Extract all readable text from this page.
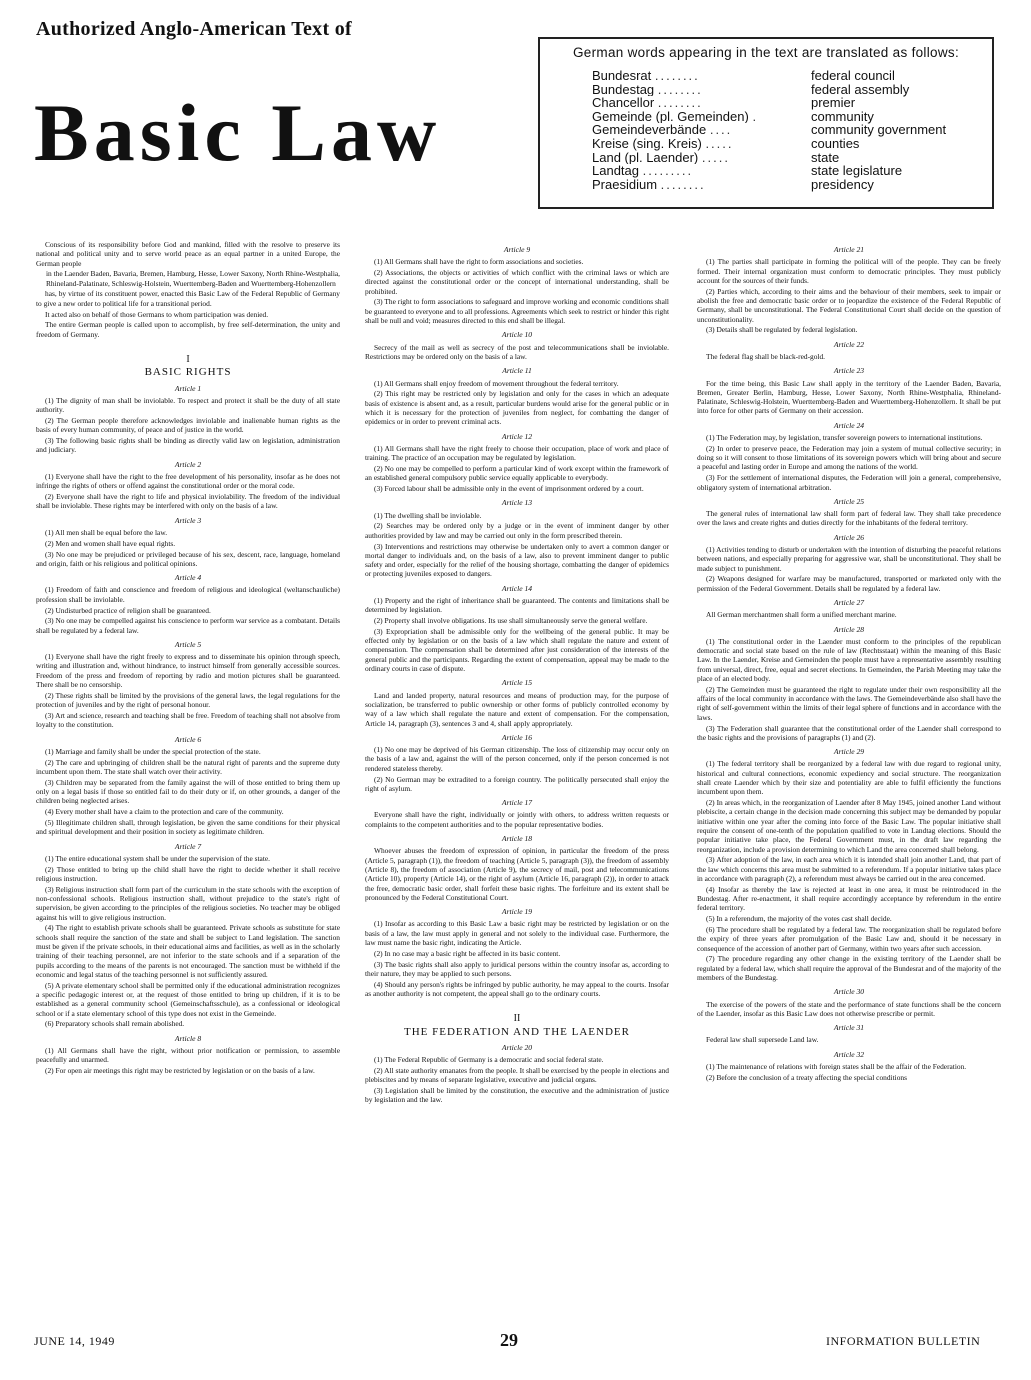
Authorized Anglo-American Text of
Basic Law
German words appearing in the text are translated as follows:
Bundesrat ........	federal council
Bundestag ........	federal assembly
Chancellor ........	premier
Gemeinde (pl. Gemeinden) .	community
Gemeindeverbände ....	community government
Kreise (sing. Kreis) .....	counties
Land (pl. Laender) .....	state
Landtag .........	state legislature
Praesidium ........	presidency

Conscious of its responsibility before God and mankind, filled with the resolve to preserve its national and political unity and to serve world peace as an equal partner in a united Europe, the German people

in the Laender Baden, Bavaria, Bremen, Hamburg, Hesse, Lower Saxony, North Rhine-Westphalia, Rhineland-Palatinate, Schleswig-Holstein, Wuerttemberg-Baden and Wuerttemberg-Hohenzollern

has, by virtue of its constituent power, enacted this Basic Law of the Federal Republic of Germany to give a new order to political life for a transitional period.

It acted also on behalf of those Germans to whom participation was denied.

The entire German people is called upon to accomplish, by free self-determination, the unity and freedom of Germany.

I
BASIC RIGHTS
Article 1

(1) The dignity of man shall be inviolable. To respect and protect it shall be the duty of all state authority.

(2) The German people therefore acknowledges inviolable and inalienable human rights as the basis of every human community, of peace and of justice in the world.

(3) The following basic rights shall be binding as directly valid law on legislation, administration and judiciary.

Article 2

(1) Everyone shall have the right to the free development of his personality, insofar as he does not infringe the rights of others or offend against the constitutional order or the moral code.

(2) Everyone shall have the right to life and physical inviolability. The freedom of the individual shall be inviolable. These rights may be interfered with only on the basis of a law.

Article 3

(1) All men shall be equal before the law.

(2) Men and women shall have equal rights.

(3) No one may be prejudiced or privileged because of his sex, descent, race, language, homeland and origin, faith or his religious and political opinions.

Article 4

(1) Freedom of faith and conscience and freedom of religious and ideological (weltanschauliche) profession shall be inviolable.

(2) Undisturbed practice of religion shall be guaranteed.

(3) No one may be compelled against his conscience to perform war service as a combatant. Details shall be regulated by a federal law.

Article 5

(1) Everyone shall have the right freely to express and to disseminate his opinion through speech, writing and illustration and, without hindrance, to instruct himself from generally accessible sources. Freedom of the press and freedom of reporting by radio and motion pictures shall be guaranteed. There shall be no censorship.

(2) These rights shall be limited by the provisions of the general laws, the legal regulations for the protection of juveniles and by the right of personal honour.

(3) Art and science, research and teaching shall be free. Freedom of teaching shall not absolve from loyalty to the constitution.

Article 6

(1) Marriage and family shall be under the special protection of the state.

(2) The care and upbringing of children shall be the natural right of parents and the supreme duty incumbent upon them. The state shall watch over their activity.

(3) Children may be separated from the family against the will of those entitled to bring them up only on a legal basis if those so entitled fail to do their duty or if, on other grounds, a danger of the children being neglected arises.

(4) Every mother shall have a claim to the protection and care of the community.

(5) Illegitimate children shall, through legislation, be given the same conditions for their physical and spiritual development and their position in society as legitimate children.

Article 7

(1) The entire educational system shall be under the supervision of the state.

(2) Those entitled to bring up the child shall have the right to decide whether it shall receive religious instruction.

(3) Religious instruction shall form part of the curriculum in the state schools with the exception of non-confessional schools. Religious instruction shall, without prejudice to the state's right of supervision, be given according to the principles of the religious societies. No teacher may be obliged against his will to give religious instruction.

(4) The right to establish private schools shall be guaranteed. Private schools as substitute for state schools shall require the sanction of the state and shall be subject to Land legislation. The sanction must be given if the private schools, in their educational aims and facilities, as well as in the scholarly training of their teaching personnel, are not inferior to the state schools and if a separation of the pupils according to the means of the parents is not encouraged. The sanction must be withheld if the economic and legal status of the teaching personnel is not sufficiently assured.

(5) A private elementary school shall be permitted only if the educational administration recognizes a specific pedagogic interest or, at the request of those entitled to bring up children, if it is to be established as a general community school (Gemeinschaftsschule), as a confessional or ideological school or if a state elementary school of this type does not exist in the Gemeinde.

(6) Preparatory schools shall remain abolished.

Article 8

(1) All Germans shall have the right, without prior notification or permission, to assemble peacefully and unarmed.

(2) For open air meetings this right may be restricted by legislation or on the basis of a law.

Article 9

(1) All Germans shall have the right to form associations and societies.

(2) Associations, the objects or activities of which conflict with the criminal laws or which are directed against the constitutional order or the concept of international understanding, shall be prohibited.

(3) The right to form associations to safeguard and improve working and economic conditions shall be guaranteed to everyone and to all professions. Agreements which seek to restrict or hinder this right shall be null and void; measures directed to this end shall be illegal.

Article 10

Secrecy of the mail as well as secrecy of the post and telecommunications shall be inviolable. Restrictions may be ordered only on the basis of a law.

Article 11

(1) All Germans shall enjoy freedom of movement throughout the federal territory.

(2) This right may be restricted only by legislation and only for the cases in which an adequate basis of existence is absent and, as a result, particular burdens would arise for the general public or in which it is necessary for the protection of juveniles from neglect, for combatting the danger of epidemics or in order to prevent criminal acts.

Article 12

(1) All Germans shall have the right freely to choose their occupation, place of work and place of training. The practice of an occupation may be regulated by legislation.

(2) No one may be compelled to perform a particular kind of work except within the framework of an established general compulsory public service equally applicable to everybody.

(3) Forced labour shall be admissible only in the event of imprisonment ordered by a court.

Article 13

(1) The dwelling shall be inviolable.

(2) Searches may be ordered only by a judge or in the event of imminent danger by other authorities provided by law and may be carried out only in the form prescribed therein.

(3) Interventions and restrictions may otherwise be undertaken only to avert a common danger or mortal danger to individuals and, on the basis of a law, also to prevent imminent danger to public safety and order, especially for the relief of the housing shortage, combatting the danger of epidemics or protecting juveniles exposed to dangers.

Article 14

(1) Property and the right of inheritance shall be guaranteed. The contents and limitations shall be determined by legislation.

(2) Property shall involve obligations. Its use shall simultaneously serve the general welfare.

(3) Expropriation shall be admissible only for the wellbeing of the general public. It may be effected only by legislation or on the basis of a law which shall regulate the nature and extent of compensation. The compensation shall be determined after just consideration of the interests of the general public and the participants. Regarding the extent of compensation, appeal may be made to the ordinary courts in case of dispute.

Article 15

Land and landed property, natural resources and means of production may, for the purpose of socialization, be transferred to public ownership or other forms of publicly controlled economy by way of a law which shall regulate the nature and extent of compensation. For the compensation, Article 14, paragraph (3), sentences 3 and 4, shall apply appropriately.

Article 16

(1) No one may be deprived of his German citizenship. The loss of citizenship may occur only on the basis of a law and, against the will of the person concerned, only if the person concerned is not rendered stateless thereby.

(2) No German may be extradited to a foreign country. The politically persecuted shall enjoy the right of asylum.

Article 17

Everyone shall have the right, individually or jointly with others, to address written requests or complaints to the competent authorities and to the popular representative bodies.

Article 18

Whoever abuses the freedom of expression of opinion, in particular the freedom of the press (Article 5, paragraph (1)), the freedom of teaching (Article 5, paragraph (3)), the freedom of assembly (Article 8), the freedom of association (Article 9), the secrecy of mail, post and telecommunications (Article 10), property (Article 14), or the right of asylum (Article 16, paragraph (2)), in order to attack the free, democratic basic order, shall forfeit these basic rights. The forfeiture and its extent shall be pronounced by the Federal Constitutional Court.

Article 19

(1) Insofar as according to this Basic Law a basic right may be restricted by legislation or on the basis of a law, the law must apply in general and not solely to the individual case. Furthermore, the law must name the basic right, indicating the Article.

(2) In no case may a basic right be affected in its basic content.

(3) The basic rights shall also apply to juridical persons within the country insofar as, according to their nature, they may be applied to such persons.

(4) Should any person's rights be infringed by public authority, he may appeal to the courts. Insofar as another authority is not competent, the appeal shall go to the ordinary courts.

II
THE FEDERATION AND THE LAENDER
Article 20

(1) The Federal Republic of Germany is a democratic and social federal state.

(2) All state authority emanates from the people. It shall be exercised by the people in elections and plebiscites and by means of separate legislative, executive and judicial organs.

(3) Legislation shall be limited by the constitution, the executive and the administration of justice by legislation and the law.

Article 21

(1) The parties shall participate in forming the political will of the people. They can be freely formed. Their internal organization must conform to democratic principles. They must publicly account for the sources of their funds.

(2) Parties which, according to their aims and the behaviour of their members, seek to impair or abolish the free and democratic basic order or to jeopardize the existence of the Federal Republic of Germany, shall be unconstitutional. The Federal Constitutional Court shall decide on the question of unconstitutionality.

(3) Details shall be regulated by federal legislation.

Article 22

The federal flag shall be black-red-gold.

Article 23

For the time being, this Basic Law shall apply in the territory of the Laender Baden, Bavaria, Bremen, Greater Berlin, Hamburg, Hesse, Lower Saxony, North Rhine-Westphalia, Rhineland-Palatinate, Schleswig-Holstein, Wuerttemberg-Baden and Wuerttemberg-Hohenzollern. It shall be put into force for other parts of Germany on their accession.

Article 24

(1) The Federation may, by legislation, transfer sovereign powers to international institutions.

(2) In order to preserve peace, the Federation may join a system of mutual collective security; in doing so it will consent to those limitations of its sovereign powers which will bring about and secure a peaceful and lasting order in Europe and among the nations of the world.

(3) For the settlement of international disputes, the Federation will join a general, comprehensive, obligatory system of international arbitration.

Article 25

The general rules of international law shall form part of federal law. They shall take precedence over the laws and create rights and duties directly for the inhabitants of the federal territory.

Article 26

(1) Activities tending to disturb or undertaken with the intention of disturbing the peaceful relations between nations, and especially preparing for aggressive war, shall be unconstitutional. They shall be made subject to punishment.

(2) Weapons designed for warfare may be manufactured, transported or marketed only with the permission of the Federal Government. Details shall be regulated by a federal law.

Article 27

All German merchantmen shall form a unified merchant marine.

Article 28

(1) The constitutional order in the Laender must conform to the principles of the republican democratic and social state based on the rule of law (Rechtsstaat) within the meaning of this Basic Law. In the Laender, Kreise and Gemeinden the people must have a representative assembly resulting from universal, direct, free, equal and secret elections. In Gemeinden, the Parish Meeting may take the place of an elected body.

(2) The Gemeinden must be guaranteed the right to regulate under their own responsibility all the affairs of the local community in accordance with the laws. The Gemeindeverbände also shall have the right of self-government within the limits of their legal sphere of functions and in accordance with the laws.

(3) The Federation shall guarantee that the constitutional order of the Laender shall correspond to the basic rights and the provisions of paragraphs (1) and (2).

Article 29

(1) The federal territory shall be reorganized by a federal law with due regard to regional unity, historical and cultural connections, economic expediency and social structure. The reorganization shall create Laender which by their size and potentiality are able to fulfil efficiently the functions incumbent upon them.

(2) In areas which, in the reorganization of Laender after 8 May 1945, joined another Land without plebiscite, a certain change in the decision made concerning this subject may be demanded by popular initiative within one year after the coming into force of the Basic Law. The popular initiative shall require the consent of one-tenth of the population qualified to vote in Landtag elections. Should the popular initiative take place, the Federal Government must, in the draft law regarding the reorganization, include a provision determining to which Land the area concerned shall belong.

(3) After adoption of the law, in each area which it is intended shall join another Land, that part of the law which concerns this area must be submitted to a referendum. If a popular initiative takes place in accordance with paragraph (2), a referendum must always be carried out in the area concerned.

(4) Insofar as thereby the law is rejected at least in one area, it must be reintroduced in the Bundestag. After re-enactment, it shall require accordingly acceptance by referendum in the entire federal territory.

(5) In a referendum, the majority of the votes cast shall decide.

(6) The procedure shall be regulated by a federal law. The reorganization shall be regulated before the expiry of three years after promulgation of the Basic Law and, should it be necessary in consequence of the accession of another part of Germany, within two years after such accession.

(7) The procedure regarding any other change in the existing territory of the Laender shall be regulated by a federal law, which shall require the approval of the Bundesrat and of the majority of the members of the Bundestag.

Article 30

The exercise of the powers of the state and the performance of state functions shall be the concern of the Laender, insofar as this Basic Law does not otherwise prescribe or permit.

Article 31

Federal law shall supersede Land law.

Article 32

(1) The maintenance of relations with foreign states shall be the affair of the Federation.

(2) Before the conclusion of a treaty affecting the special conditions

JUNE 14, 1949	29	INFORMATION BULLETIN
